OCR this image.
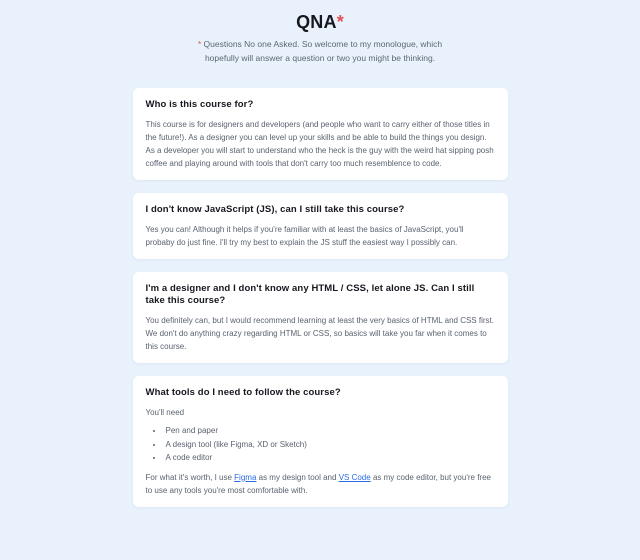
QNA*

* Questions No one Asked. So welcome to my monologue, which hopefully will answer a question or two you might be thinking.

Who is this course for?

This course is for designers and developers (and people who want to carry either of those titles in the future!). As a designer you can level up your skills and be able to build the things you design. As a developer you will start to understand who the heck is the guy with the weird hat sipping posh coffee and playing around with tools that don't carry too much resemblence to code.

I don't know JavaScript (JS), can I still take this course?

Yes you can! Although it helps if you're familiar with at least the basics of JavaScript, you'll probaby do just fine. I'll try my best to explain the JS stuff the easiest way I possibly can.

I'm a designer and I don't know any HTML / CSS, let alone JS. Can I still take this course?

You definitely can, but I would recommend learning at least the very basics of HTML and CSS first. We don't do anything crazy regarding HTML or CSS, so basics will take you far when it comes to this course.

What tools do I need to follow the course?

You'll need

• Pen and paper
• A design tool (like Figma, XD or Sketch)
• A code editor

For what it's worth, I use Figma as my design tool and VS Code as my code editor, but you're free to use any tools you're most comfortable with.
